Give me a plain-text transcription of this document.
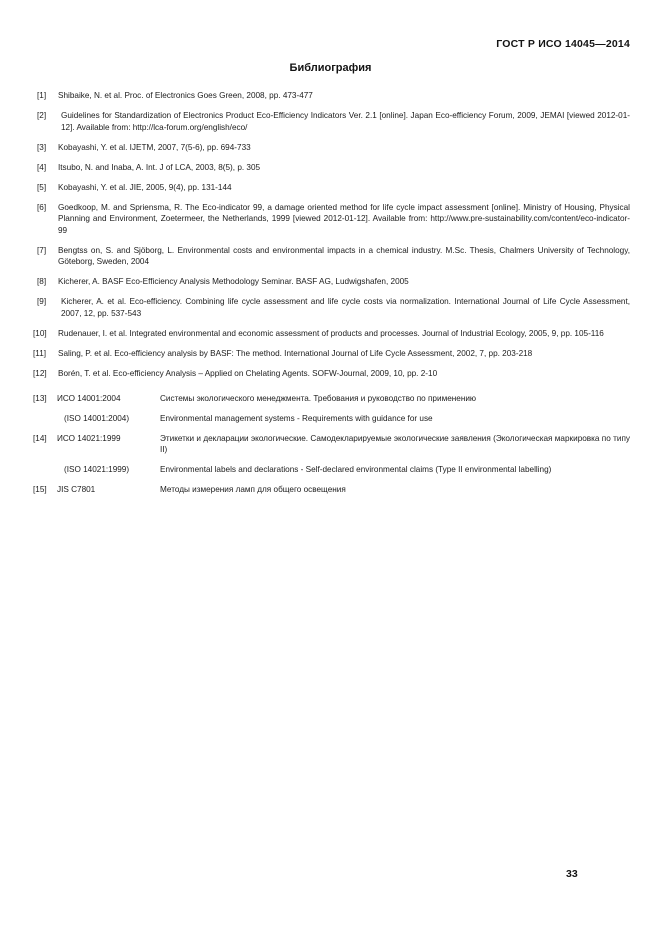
ГОСТ Р ИСО 14045—2014
Библиография
[1] Shibaike, N. et al. Proc. of Electronics Goes Green, 2008, pp. 473-477
[2] Guidelines for Standardization of Electronics Product Eco-Efficiency Indicators Ver. 2.1 [online]. Japan Eco-efficiency Forum, 2009, JEMAI [viewed 2012-01-12]. Available from: http://lca-forum.org/english/eco/
[3] Kobayashi, Y. et al. IJETM, 2007, 7(5-6), pp. 694-733
[4] Itsubo, N. and Inaba, A. Int. J of LCA, 2003, 8(5), p. 305
[5] Kobayashi, Y. et al. JIE, 2005, 9(4), pp. 131-144
[6] Goedkoop, M. and Spriensma, R. The Eco-indicator 99, a damage oriented method for life cycle impact assessment [online]. Ministry of Housing, Physical Planning and Environment, Zoetermeer, the Netherlands, 1999 [viewed 2012-01-12]. Available from: http://www.pre-sustainability.com/content/eco-indicator-99
[7] Bengtss on, S. and Sjöborg, L. Environmental costs and environmental impacts in a chemical industry. M.Sc. Thesis, Chalmers University of Technology, Göteborg, Sweden, 2004
[8] Kicherer, A. BASF Eco-Efficiency Analysis Methodology Seminar. BASF AG, Ludwigshafen, 2005
[9] Kicherer, A. et al. Eco-efficiency. Combining life cycle assessment and life cycle costs via normalization. International Journal of Life Cycle Assessment, 2007, 12, pp. 537-543
[10] Rudenauer, I. et al. Integrated environmental and economic assessment of products and processes. Journal of Industrial Ecology, 2005, 9, pp. 105-116
[11] Saling, P. et al. Eco-efficiency analysis by BASF: The method. International Journal of Life Cycle Assessment, 2002, 7, pp. 203-218
[12] Borén, T. et al. Eco-efficiency Analysis – Applied on Chelating Agents. SOFW-Journal, 2009, 10, pp. 2-10
[13] ИСО 14001:2004	Системы экологического менеджмента. Требования и руководство по применению
(ISO 14001:2004)	Environmental management systems - Requirements with guidance for use
[14] ИСО 14021:1999	Этикетки и декларации экологические. Самодекларируемые экологические заявления (Экологическая маркировка по типу II)
(ISO 14021:1999)	Environmental labels and declarations - Self-declared environmental claims (Type II environmental labelling)
[15] JIS C7801	Методы измерения ламп для общего освещения
33
